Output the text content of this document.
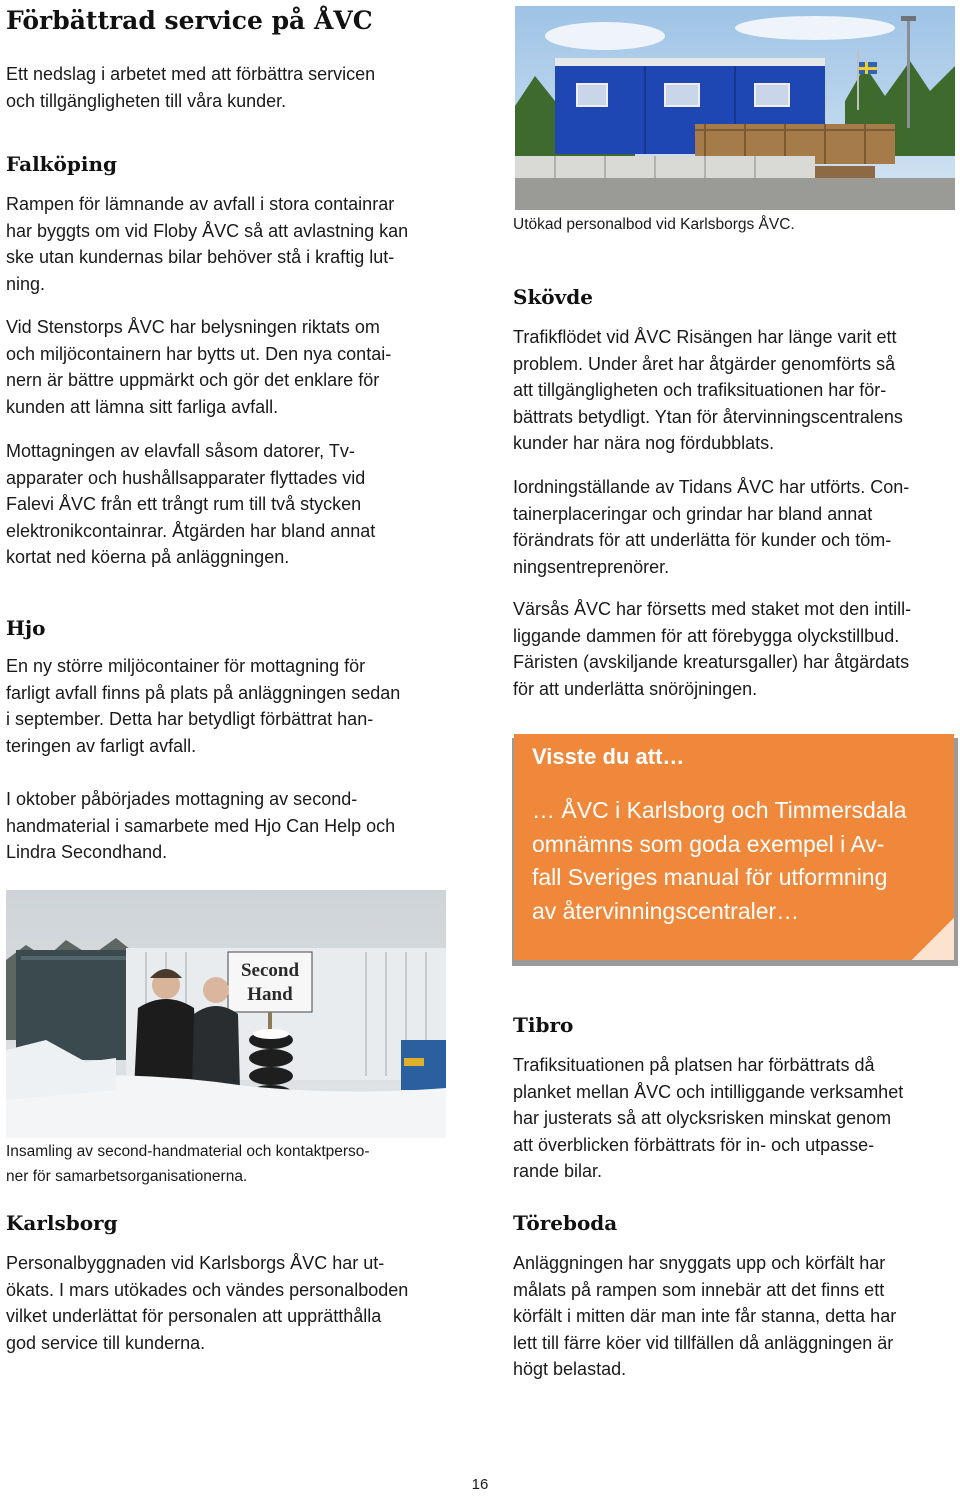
Förbättrad service på ÅVC
Ett nedslag i arbetet med att förbättra servicen
och tillgängligheten till våra kunder.
Falköping
Rampen för lämnande av avfall i stora containrar
har byggts om vid Floby ÅVC så att avlastning kan
ske utan kundernas bilar behöver stå i kraftig lut-
ning.
Vid Stenstorps ÅVC har belysningen riktats om
och miljöcontainern har bytts ut. Den nya contai-
nern är bättre uppmärkt och gör det enklare för
kunden att lämna sitt farliga avfall.
Mottagningen av elavfall såsom datorer, Tv-
apparater och hushållsapparater flyttades vid
Falevi ÅVC från ett trångt rum till två stycken
elektronikcontainrar. Åtgärden har bland annat
kortat ned köerna på anläggningen.
Hjo
En ny större miljöcontainer för mottagning för
farligt avfall finns på plats på anläggningen sedan
i september. Detta har betydligt förbättrat han-
teringen av farligt avfall.
I oktober påbörjades mottagning av second-
handmaterial i samarbete med Hjo Can Help och
Lindra Secondhand.
Second
Hand
Insamling av second-handmaterial och kontaktperso-
ner för samarbetsorganisationerna.
Karlsborg
Personalbyggnaden vid Karlsborgs ÅVC har ut-
ökats. I mars utökades och vändes personalboden
vilket underlättat för personalen att upprätthålla
god service till kunderna.
Utökad personalbod vid Karlsborgs ÅVC.
Skövde
Trafikflödet vid ÅVC Risängen har länge varit ett
problem. Under året har åtgärder genomförts så
att tillgängligheten och trafiksituationen har för-
bättrats betydligt. Ytan för återvinningscentralens
kunder har nära nog fördubblats.
Iordningställande av Tidans ÅVC har utförts. Con-
tainerplaceringar och grindar har bland annat
förändrats för att underlätta för kunder och töm-
ningsentreprenörer.
Värsås ÅVC har försetts med staket mot den intill-
liggande dammen för att förebygga olyckstillbud.
Färisten (avskiljande kreatursgaller) har åtgärdats
för att underlätta snöröjningen.
Visste du att…
… ÅVC i Karlsborg och Timmersdala
omnämns som goda exempel i Av-
fall Sveriges manual för utformning
av återvinningscentraler…
Tibro
Trafiksituationen på platsen har förbättrats då
planket mellan ÅVC och intilliggande verksamhet
har justerats så att olycksrisken minskat genom
att överblicken förbättrats för in- och utpasse-
rande bilar.
Töreboda
Anläggningen har snyggats upp och körfält har
målats på rampen som innebär att det finns ett
körfält i mitten där man inte får stanna, detta har
lett till färre köer vid tillfällen då anläggningen är
högt belastad.
16
